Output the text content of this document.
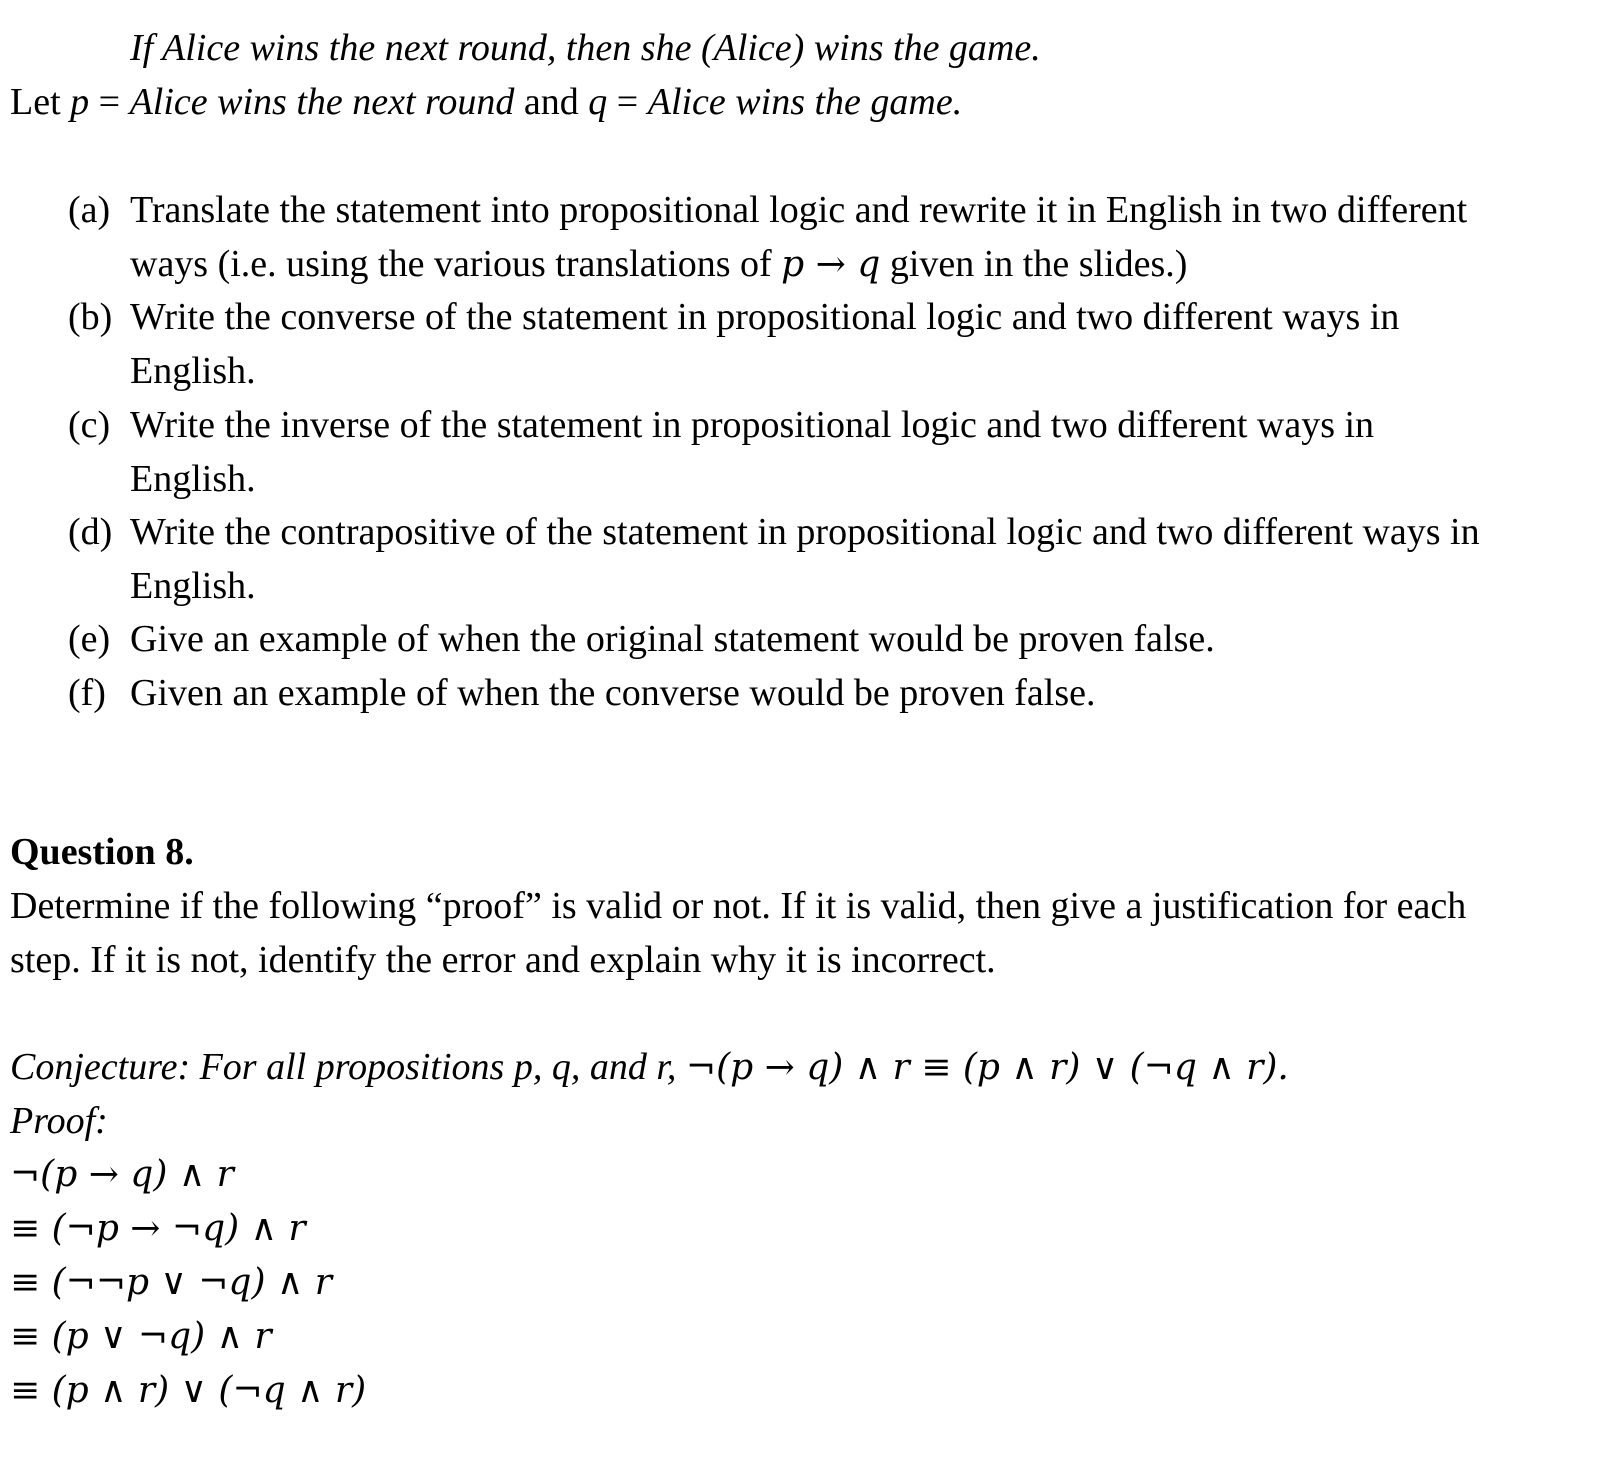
If Alice wins the next round, then she (Alice) wins the game.
Let p = Alice wins the next round and q = Alice wins the game.
(a) Translate the statement into propositional logic and rewrite it in English in two different
ways (i.e. using the various translations of p → q given in the slides.)
(b) Write the converse of the statement in propositional logic and two different ways in
English.
(c) Write the inverse of the statement in propositional logic and two different ways in
English.
(d) Write the contrapositive of the statement in propositional logic and two different ways in
English.
(e) Give an example of when the original statement would be proven false.
(f) Given an example of when the converse would be proven false.
Question 8.
Determine if the following “proof” is valid or not. If it is valid, then give a justification for each
step. If it is not, identify the error and explain why it is incorrect.
Conjecture: For all propositions p, q, and r, ¬(p → q) ∧ r ≡ (p ∧ r) ∨ (¬q ∧ r).
Proof:
¬(p → q) ∧ r
≡ (¬p → ¬q) ∧ r
≡ (¬¬p ∨ ¬q) ∧ r
≡ (p ∨ ¬q) ∧ r
≡ (p ∧ r) ∨ (¬q ∧ r)
